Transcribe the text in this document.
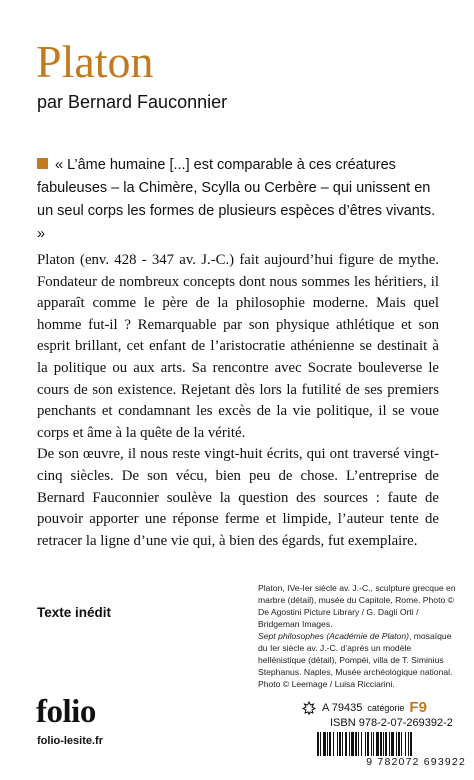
Platon
par Bernard Fauconnier
« L’âme humaine [...] est comparable à ces créatures fabuleuses – la Chimère, Scylla ou Cerbère – qui unissent en un seul corps les formes de plusieurs espèces d’êtres vivants. »

Platon (env. 428 - 347 av. J.-C.) fait aujourd’hui figure de mythe. Fondateur de nombreux concepts dont nous sommes les héritiers, il apparaît comme le père de la philosophie moderne. Mais quel homme fut-il ? Remarquable par son physique athlétique et son esprit brillant, cet enfant de l’aristocratie athénienne se destinait à la politique ou aux arts. Sa rencontre avec Socrate bouleverse le cours de son existence. Rejetant dès lors la futilité de ses premiers penchants et condamnant les excès de la vie politique, il se voue corps et âme à la quête de la vérité.

De son œuvre, il nous reste vingt-huit écrits, qui ont traversé vingt-cinq siècles. De son vécu, bien peu de chose. L’entreprise de Bernard Fauconnier soulève la question des sources : faute de pouvoir apporter une réponse ferme et limpide, l’auteur tente de retracer la ligne d’une vie qui, à bien des égards, fut exemplaire.

Platon, IVe-Ier siècle av. J.-C., sculpture grecque en marbre (détail), musée du Capitole, Rome. Photo © De Agostini Picture Library / G. Dagli Orti / Bridgeman Images.
Sept philosophes (Académie de Platon), mosaïque du Ier siècle av. J.-C. d’après un modèle hellénistique (détail), Pompéi, villa de T. Siminius Stephanus. Naples, Musée archéologique national. Photo © Leemage / Luisa Ricciarini.
Texte inédit
folio
folio-lesite.fr
A 79435 catégorie F9
ISBN 978-2-07-269392-2
9 782072 693922
